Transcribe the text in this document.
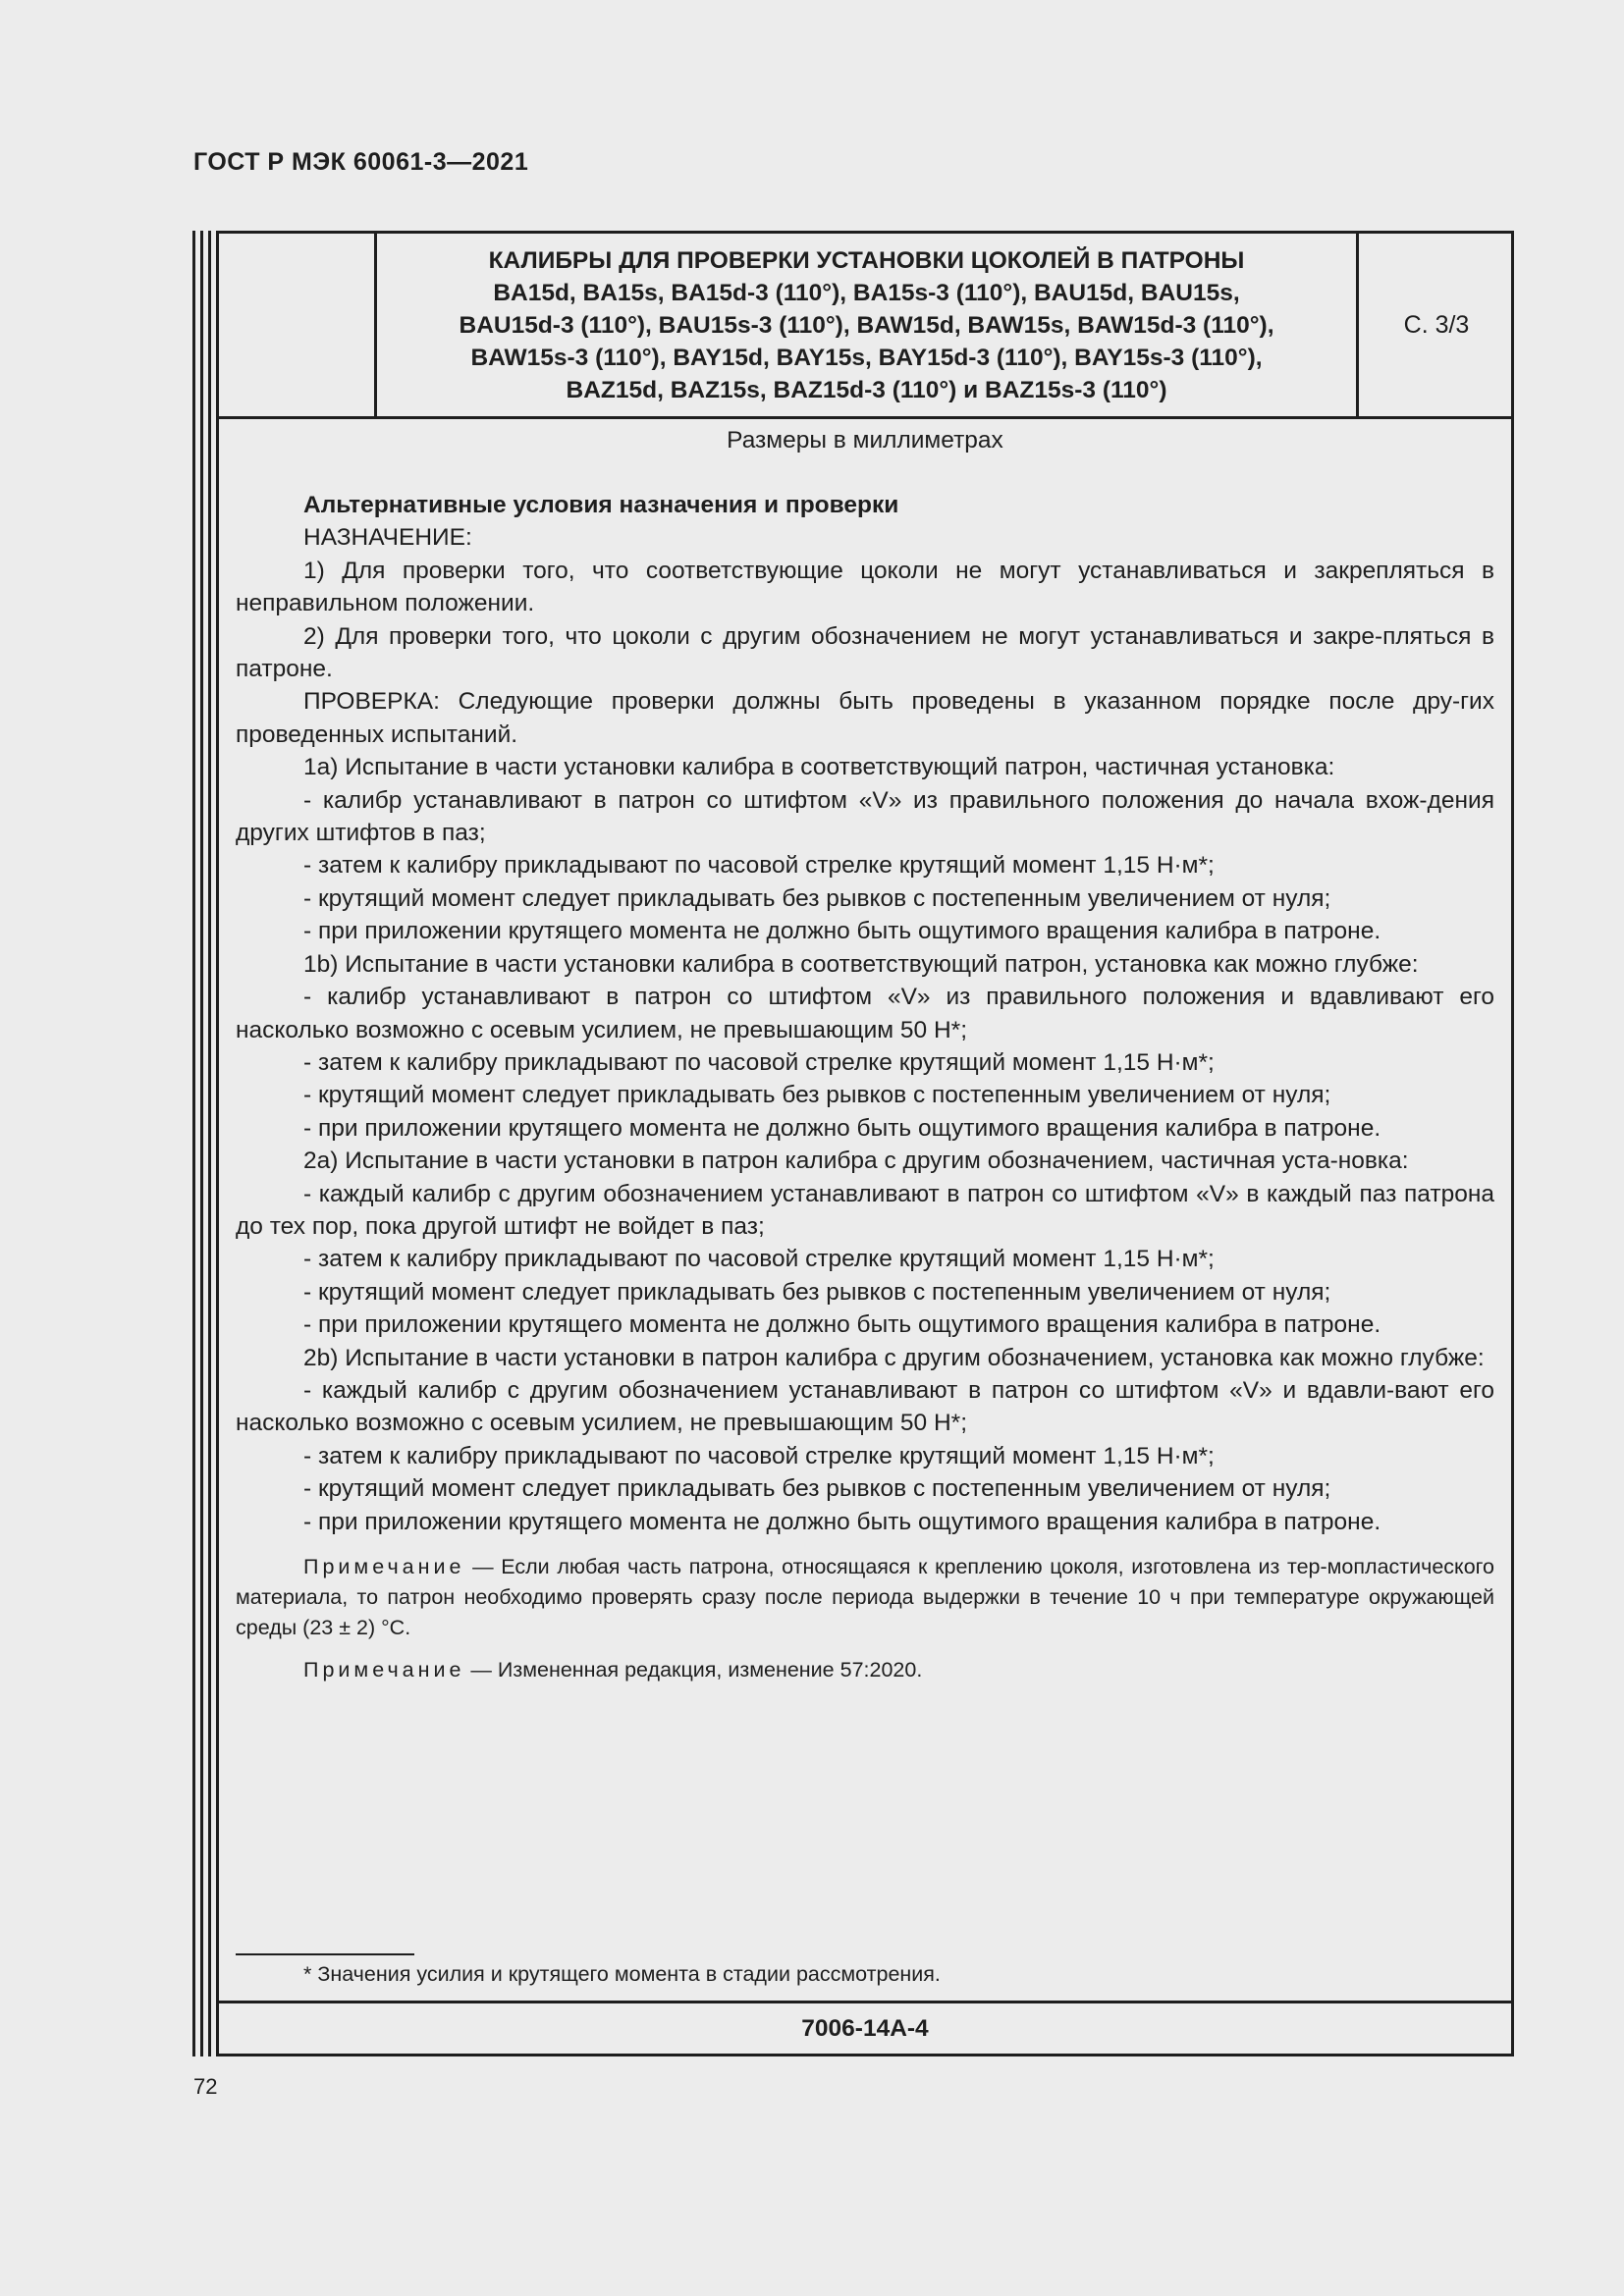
ГОСТ Р МЭК 60061-3—2021
КАЛИБРЫ ДЛЯ ПРОВЕРКИ УСТАНОВКИ ЦОКОЛЕЙ В ПАТРОНЫ
BA15d, BA15s, BA15d-3 (110°), BA15s-3 (110°), BAU15d, BAU15s,
BAU15d-3 (110°), BAU15s-3 (110°), BAW15d, BAW15s, BAW15d-3 (110°),
BAW15s-3 (110°), BAY15d, BAY15s, BAY15d-3 (110°), BAY15s-3 (110°),
BAZ15d, BAZ15s, BAZ15d-3 (110°) и BAZ15s-3 (110°)
С. 3/3
Размеры в миллиметрах

Альтернативные условия назначения и проверки

НАЗНАЧЕНИЕ:

1) Для проверки того, что соответствующие цоколи не могут устанавливаться и закрепляться в неправильном положении.

2) Для проверки того, что цоколи с другим обозначением не могут устанавливаться и закре-пляться в патроне.

ПРОВЕРКА: Следующие проверки должны быть проведены в указанном порядке после дру-гих проведенных испытаний.

1a) Испытание в части установки калибра в соответствующий патрон, частичная установка:

- калибр устанавливают в патрон со штифтом «V» из правильного положения до начала вхож-дения других штифтов в паз;

- затем к калибру прикладывают по часовой стрелке крутящий момент 1,15 Н·м*;

- крутящий момент следует прикладывать без рывков с постепенным увеличением от нуля;

- при приложении крутящего момента не должно быть ощутимого вращения калибра в патроне.

1b) Испытание в части установки калибра в соответствующий патрон, установка как можно глубже:

- калибр устанавливают в патрон со штифтом «V» из правильного положения и вдавливают его насколько возможно с осевым усилием, не превышающим 50 Н*;

- затем к калибру прикладывают по часовой стрелке крутящий момент 1,15 Н·м*;

- крутящий момент следует прикладывать без рывков с постепенным увеличением от нуля;

- при приложении крутящего момента не должно быть ощутимого вращения калибра в патроне.

2a) Испытание в части установки в патрон калибра с другим обозначением, частичная уста-новка:

- каждый калибр с другим обозначением устанавливают в патрон со штифтом «V» в каждый паз патрона до тех пор, пока другой штифт не войдет в паз;

- затем к калибру прикладывают по часовой стрелке крутящий момент 1,15 Н·м*;

- крутящий момент следует прикладывать без рывков с постепенным увеличением от нуля;

- при приложении крутящего момента не должно быть ощутимого вращения калибра в патроне.

2b) Испытание в части установки в патрон калибра с другим обозначением, установка как можно глубже:

- каждый калибр с другим обозначением устанавливают в патрон со штифтом «V» и вдавли-вают его насколько возможно с осевым усилием, не превышающим 50 Н*;

- затем к калибру прикладывают по часовой стрелке крутящий момент 1,15 Н·м*;

- крутящий момент следует прикладывать без рывков с постепенным увеличением от нуля;

- при приложении крутящего момента не должно быть ощутимого вращения калибра в патроне.

Примечание — Если любая часть патрона, относящаяся к креплению цоколя, изготовлена из тер-мопластического материала, то патрон необходимо проверять сразу после периода выдержки в течение 10 ч при температуре окружающей среды (23 ± 2) °С.

Примечание — Измененная редакция, изменение 57:2020.

* Значения усилия и крутящего момента в стадии рассмотрения.
7006-14A-4
72
